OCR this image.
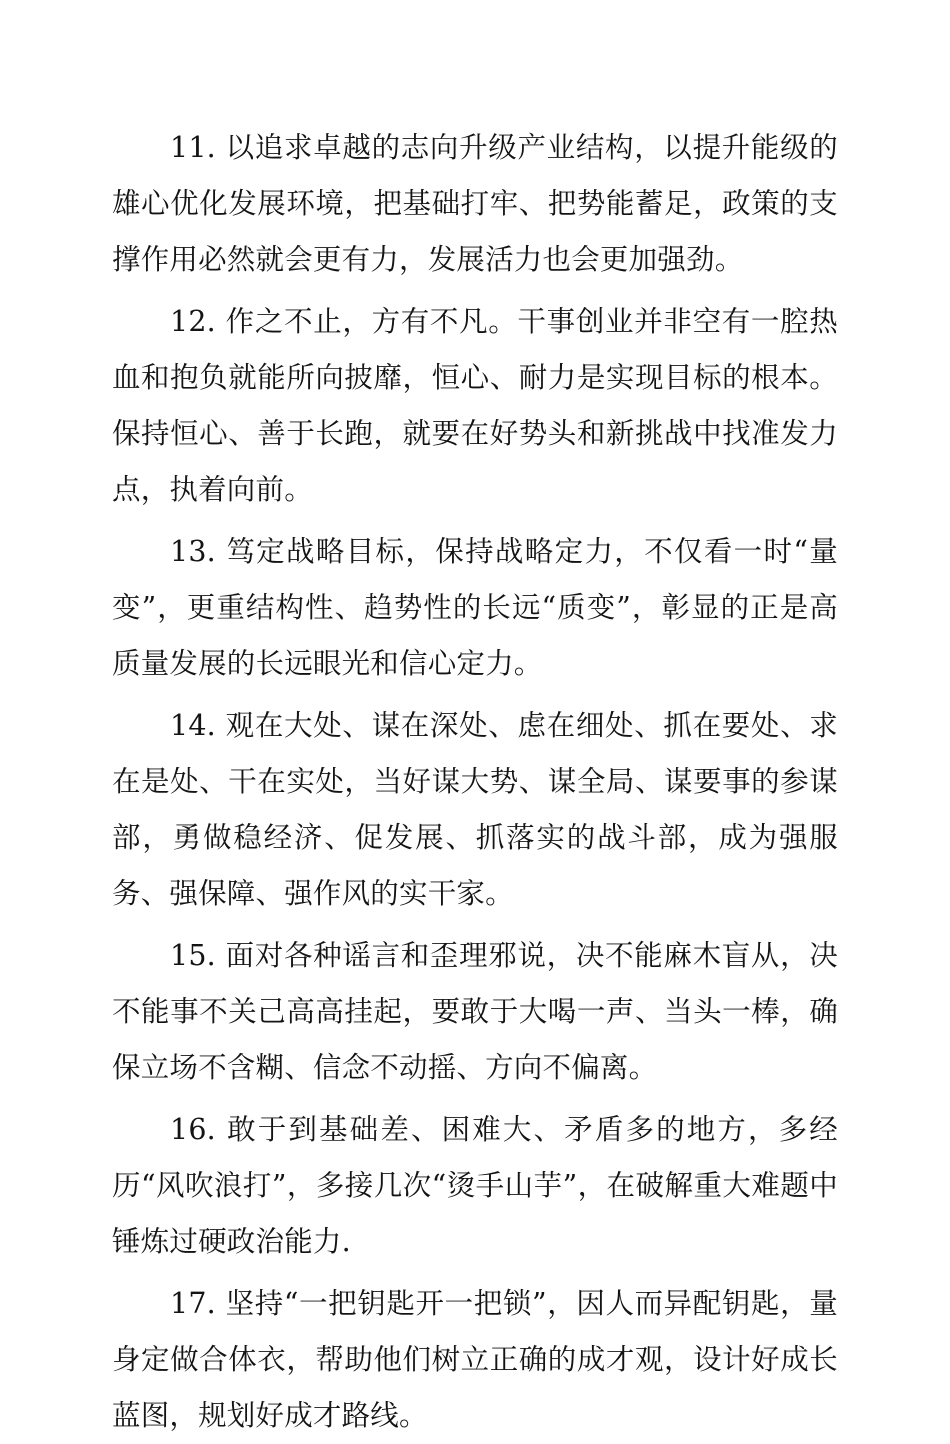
11. 以追求卓越的志向升级产业结构，以提升能级的雄心优化发展环境，把基础打牢、把势能蓄足，政策的支撑作用必然就会更有力，发展活力也会更加强劲。

12. 作之不止，方有不凡。干事创业并非空有一腔热血和抱负就能所向披靡，恒心、耐力是实现目标的根本。保持恒心、善于长跑，就要在好势头和新挑战中找准发力点，执着向前。

13. 笃定战略目标，保持战略定力，不仅看一时“量变”，更重结构性、趋势性的长远“质变”，彰显的正是高质量发展的长远眼光和信心定力。

14. 观在大处、谋在深处、虑在细处、抓在要处、求在是处、干在实处，当好谋大势、谋全局、谋要事的参谋部，勇做稳经济、促发展、抓落实的战斗部，成为强服务、强保障、强作风的实干家。

15. 面对各种谣言和歪理邪说，决不能麻木盲从，决不能事不关己高高挂起，要敢于大喝一声、当头一棒，确保立场不含糊、信念不动摇、方向不偏离。

16. 敢于到基础差、困难大、矛盾多的地方，多经历“风吹浪打”，多接几次“烫手山芋”，在破解重大难题中锤炼过硬政治能力.

17. 坚持“一把钥匙开一把锁”，因人而异配钥匙，量身定做合体衣，帮助他们树立正确的成才观，设计好成长蓝图，规划好成才路线。
